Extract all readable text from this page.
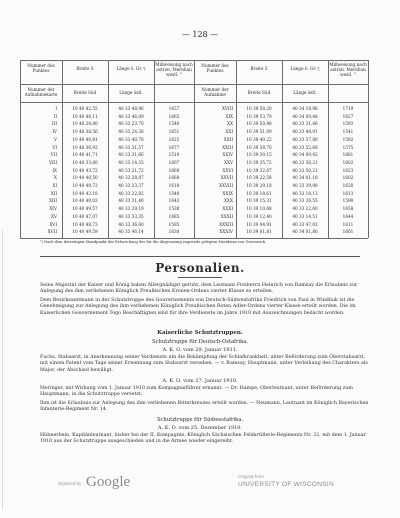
— 128 —
Nummer des Punktes	Breite S	Länge ö. Gr.¹)
Mißweisung nach astron. Meridian westl. °
Nummer des Punktes	Breite S	Länge ö. Gr.¹)
Mißweisung nach astron. Meridian westl. °
Nummer der Aufnahmekarte	Breite Süd	Länge östl.
Nummer der Aufnahme	Breite Süd	Länge östl.
I	10 40 42,55	40 33 48,96	1657
II	10 40 48,11	40 33 46,09	1665
III	10 40 28,80	40 33 23,70	1540
IV	10 40 38,56	40 33 24,38	1651
V	10 40 40,81	40 33 40,78	1625
VI	10 40 36,92	40 33 31,57	1677
VII	10 40 41,71	40 33 31,66	1510
VIII	10 40 33,60	40 33 14,33	1607
IX	10 40 43,72	40 33 21,72	1669
X	10 40 40,50	40 33 28,87	1668
XI	10 40 40,72	40 33 23,37	1618
XII	10 40 43,18	40 33 22,82	1540
XIII	10 40 40,03	40 33 31,40	1643
XIV	10 40 49,57	40 33 29,19	1538
XV	10 40 47,07	40 33 33,35	1685
XVI	10 40 48,73	40 33 36,60	1585
XVII	10 40 49,59	40 33 46,14	1630
XVIII	10 39 58,20	40 34 18,96	1719
XIX	10 39 53,79	40 34 09,48	1627
XX	10 39 50,48	40 33 31,46	1593
XXI	10 39 51,09	40 33 48,91	1541
XXII	10 39 40,22	40 33 37,80	1592
XXIII	10 39 38,70	40 33 52,68	1575
XXIV	10 39 30,15	40 34 09,42	1661
XXV	10 39 35,72	40 33 56,21	1602
XXVI	10 39 32,67	40 33 50,21	1623
XXVII	10 39 22,58	40 34 01,18	1602
XXVIII	10 39 29,18	40 33 39,98	1620
XXIX	10 39 18,61	40 33 18,13	1613
XXX	10 39 15,31	40 33 26,55	1590
XXXI	10 39 10,68	40 33 22,60	1658
XXXII	10 39 12,40	40 33 14,51	1644
XXXIII	10 39 04,91	40 33 47,03	1611
XXXIV	10 39 01,81	40 34 01,80	1661
¹) Nach dem derzeitigen Standpunkt der Erforschung des für die Abgrenzung zugrunde gelegten Meridians von Greenwich.
Personalien.
Seine Majestät der Kaiser und König haben Allergnädigst geruht, dem Leutnant Freiherrn Heinrich von Ramsay die Erlaubnis zur Anlegung des ihm verliehenen Königlich Preußischen Kronen-Ordens vierter Klasse zu erteilen.
Dem Bezirksamtmann in der Schutztruppe des Gouvernements von Deutsch-Südwestafrika Friedrich von Paul in Windhuk ist die Genehmigung zur Anlegung des ihm verliehenen Königlich Preußischen Roten Adler-Ordens vierter Klasse erteilt worden. Die im Kaiserlichen Gouvernement Togo Beschäftigten sind für ihre Verdienste im Jahre 1910 mit Auszeichnungen bedacht worden.
Kaiserliche Schutztruppen.
Schutztruppe für Deutsch-Ostafrika.
A. K. O. vom 29. Januar 1911.
Fuchs, Stabsarzt, in Anerkennung seiner Verdienste um die Bekämpfung der Schlafkrankheit, unter Beförderung zum Oberstabsarzt, mit einem Patent vom Tage seiner Ernennung zum Stabsarzt versehen. — v. Ramsay, Hauptmann, unter Verleihung des Charakters als Major, der Abschied bewilligt.
A. K. O. vom 27. Januar 1910.
Meringer, mit Wirkung vom 1. Januar 1910 zum Kompagnieführer ernannt. — Dr. Hampe, Oberleutnant, unter Beförderung zum Hauptmann, in die Schutztruppe versetzt.
Ihm ist die Erlaubnis zur Anlegung des ihm verliehenen Ritterkreuzes erteilt worden. — Neumann, Leutnant im Königlich Bayerischen Infanterie-Regiment Nr. 14.
Schutztruppe für Südwestafrika.
A. K. O. vom 25. Dezember 1910.
Hühnerbein, Kapitänleutnant, bisher bei der II. Kompagnie, Königlich Sächsischen Feldartillerie-Regiments Nr. 32, mit dem 1. Januar 1910 aus der Schutztruppe ausgeschieden und in die Armee wieder eingereiht.
Digitized by Google	Original from
UNIVERSITY OF WISCONSIN
